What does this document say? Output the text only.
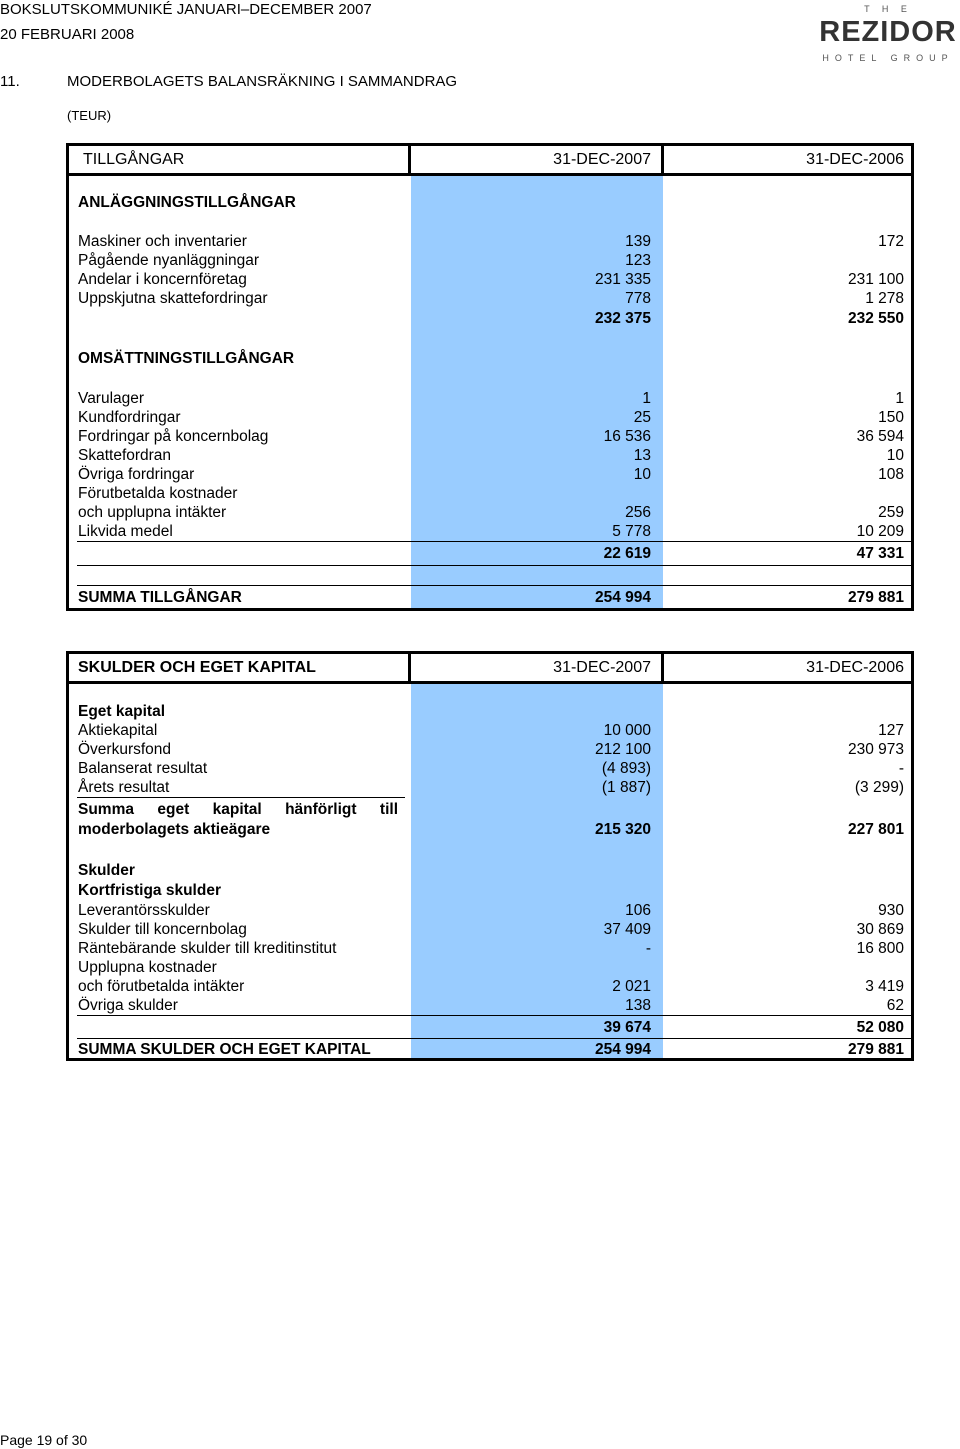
BOKSLUTSKOMMUNIKÉ JANUARI–DECEMBER 2007
20 FEBRUARI 2008
T H E
REZIDOR
HOTEL GROUP
11.	MODERBOLAGETS BALANSRÄKNING I SAMMANDRAG
(TEUR)
TILLGÅNGAR	31-DEC-2007	31-DEC-2006
ANLÄGGNINGSTILLGÅNGAR
Maskiner och inventarier	139	172
Pågående nyanläggningar	123
Andelar i koncernföretag	231 335	231 100
Uppskjutna skattefordringar	778	1 278
232 375	232 550
OMSÄTTNINGSTILLGÅNGAR
Varulager	1	1
Kundfordringar	25	150
Fordringar på koncernbolag	16 536	36 594
Skattefordran	13	10
Övriga fordringar	10	108
Förutbetalda kostnader
och upplupna intäkter	256	259
Likvida medel	5 778	10 209
22 619	47 331
SUMMA TILLGÅNGAR	254 994	279 881
SKULDER OCH EGET KAPITAL	31-DEC-2007	31-DEC-2006
Eget kapital
Aktiekapital	10 000	127
Överkursfond	212 100	230 973
Balanserat resultat	(4 893)	-
Årets resultat	(1 887)	(3 299)
Summa eget kapital hänförligt till
moderbolagets aktieägare	215 320	227 801
Skulder
Kortfristiga skulder
Leverantörsskulder	106	930
Skulder till koncernbolag	37 409	30 869
Räntebärande skulder till kreditinstitut	-	16 800
Upplupna kostnader
och förutbetalda intäkter	2 021	3 419
Övriga skulder	138	62
39 674	52 080
SUMMA SKULDER OCH EGET KAPITAL	254 994	279 881
Page 19 of 30
